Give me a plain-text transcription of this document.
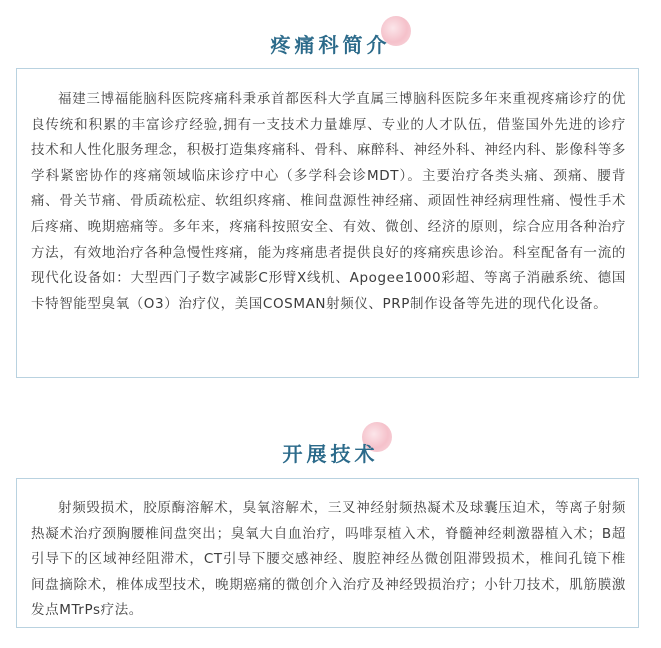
疼痛科简介

福建三博福能脑科医院疼痛科秉承首都医科大学直属三博脑科医院多年来重视疼痛诊疗的优良传统和积累的丰富诊疗经验,拥有一支技术力量雄厚、专业的人才队伍，借鉴国外先进的诊疗技术和人性化服务理念，积极打造集疼痛科、骨科、麻醉科、神经外科、神经内科、影像科等多学科紧密协作的疼痛领域临床诊疗中心（多学科会诊MDT）。主要治疗各类头痛、颈痛、腰背痛、骨关节痛、骨质疏松症、软组织疼痛、椎间盘源性神经痛、顽固性神经病理性痛、慢性手术后疼痛、晚期癌痛等。多年来，疼痛科按照安全、有效、微创、经济的原则，综合应用各种治疗方法，有效地治疗各种急慢性疼痛，能为疼痛患者提供良好的疼痛疾患诊治。科室配备有一流的现代化设备如：大型西门子数字减影C形臂X线机、Apogee1000彩超、等离子消融系统、德国卡特智能型臭氧（O3）治疗仪，美国COSMAN射频仪、PRP制作设备等先进的现代化设备。

开展技术

射频毁损术，胶原酶溶解术，臭氧溶解术，三叉神经射频热凝术及球囊压迫术，等离子射频热凝术治疗颈胸腰椎间盘突出；臭氧大自血治疗，吗啡泵植入术，脊髓神经刺激器植入术；B超引导下的区域神经阻滞术，CT引导下腰交感神经、腹腔神经丛微创阻滞毁损术，椎间孔镜下椎间盘摘除术，椎体成型技术，晚期癌痛的微创介入治疗及神经毁损治疗；小针刀技术，肌筋膜激发点MTrPs疗法。
